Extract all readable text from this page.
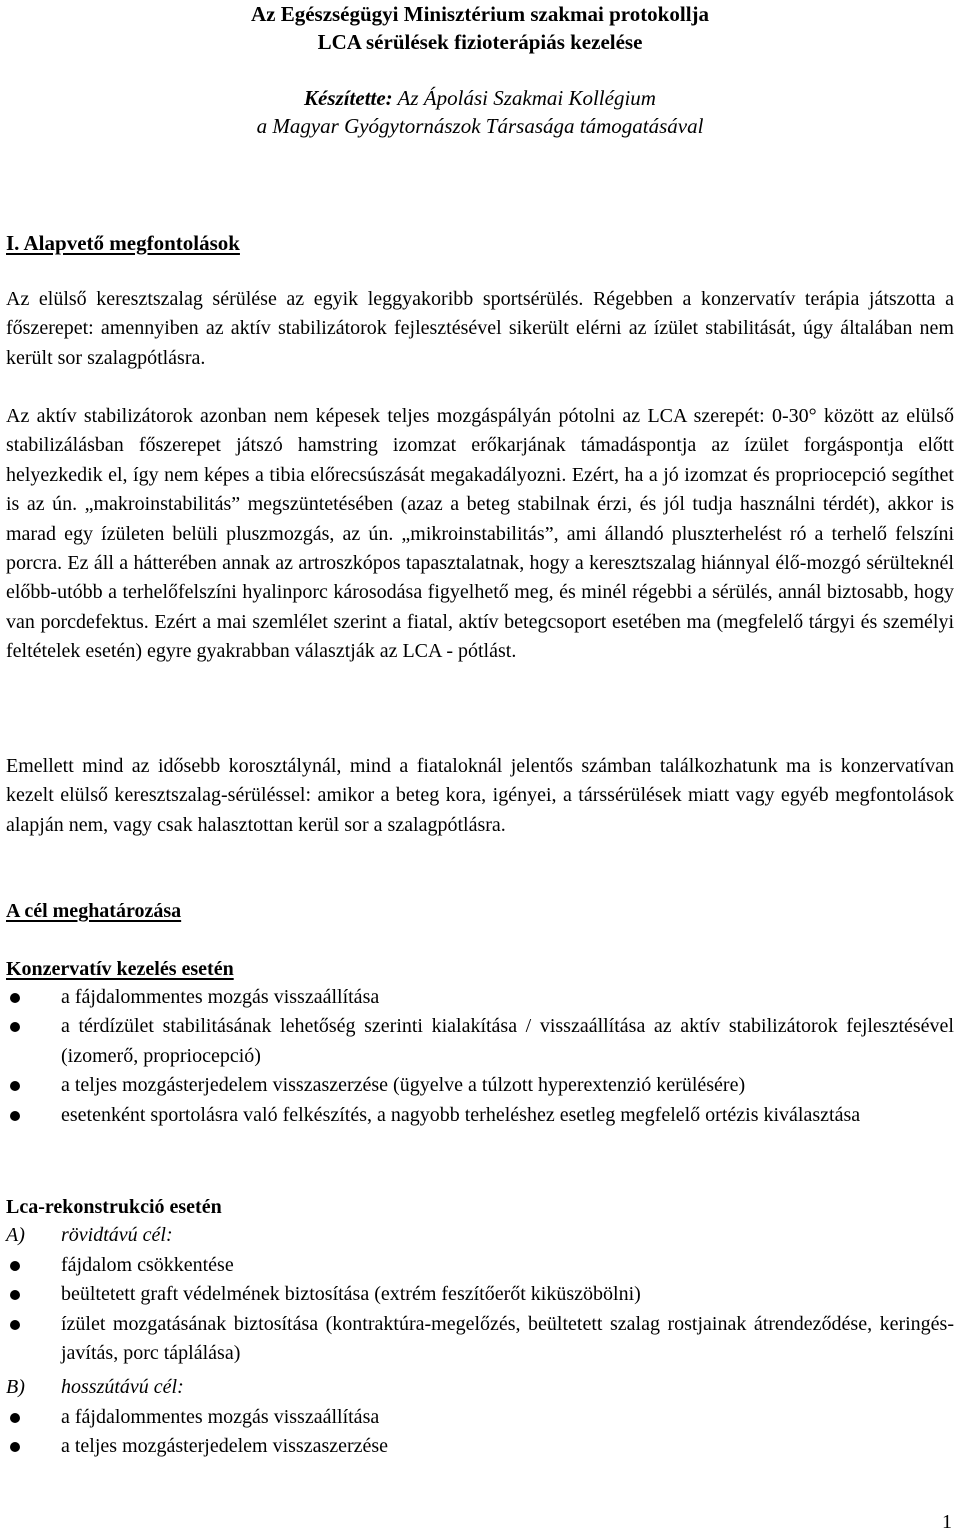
Az Egészségügyi Minisztérium szakmai protokollja
LCA sérülések fizioterápiás kezelése
Készítette: Az Ápolási Szakmai Kollégium
a Magyar Gyógytornászok Társasága támogatásával
I. Alapvető megfontolások
Az elülső keresztszalag sérülése az egyik leggyakoribb sportsérülés. Régebben a konzervatív terápia játszotta a főszerepet: amennyiben az aktív stabilizátorok fejlesztésével sikerült elérni az ízület stabilitását, úgy általában nem került sor szalagpótlásra.
Az aktív stabilizátorok azonban nem képesek teljes mozgáspályán pótolni az LCA szerepét: 0-30° között az elülső stabilizálásban főszerepet játszó hamstring izomzat erőkarjának támadáspontja az ízület forgáspontja előtt helyezkedik el, így nem képes a tibia előrecsúszását megakadályozni. Ezért, ha a jó izomzat és propriocepció segíthet is az ún. „makroinstabilitás” megszüntetésében (azaz a beteg stabilnak érzi, és jól tudja használni térdét), akkor is marad egy ízületen belüli pluszmozgás, az ún. „mikroinstabilitás”, ami állandó pluszterhelést ró a terhelő felszíni porcra. Ez áll a hátterében annak az artroszkópos tapasztalatnak, hogy a keresztszalag hiánnyal élő-mozgó sérülteknél előbb-utóbb a terhelőfelszíni hyalinporc károsodása figyelhető meg, és minél régebbi a sérülés, annál biztosabb, hogy van porcdefektus. Ezért a mai szemlélet szerint a fiatal, aktív betegcsoport esetében ma (megfelelő tárgyi és személyi feltételek esetén) egyre gyakrabban választják az LCA - pótlást.
Emellett mind az idősebb korosztálynál, mind a fiataloknál jelentős számban találkozhatunk ma is konzervatívan kezelt elülső keresztszalag-sérüléssel: amikor a beteg kora, igényei, a társsérülések miatt vagy egyéb megfontolások alapján nem, vagy csak halasztottan kerül sor a szalagpótlásra.
A cél meghatározása
Konzervatív kezelés esetén
a fájdalommentes mozgás visszaállítása
a térdízület stabilitásának lehetőség szerinti kialakítása / visszaállítása az aktív stabilizátorok fejlesztésével (izomerő, propriocepció)
a teljes mozgásterjedelem visszaszerzése (ügyelve a túlzott hyperextenzió kerülésére)
esetenként sportolásra való felkészítés, a nagyobb terheléshez esetleg megfelelő ortézis kiválasztása
Lca-rekonstrukció esetén
A) rövidtávú cél:
fájdalom csökkentése
beültetett graft védelmének biztosítása (extrém feszítőerőt kiküszöbölni)
ízület mozgatásának biztosítása (kontraktúra-megelőzés, beültetett szalag rostjainak átrendeződése, keringés-javítás, porc táplálása)
B) hosszútávú cél:
a fájdalommentes mozgás visszaállítása
a teljes mozgásterjedelem visszaszerzése
1
